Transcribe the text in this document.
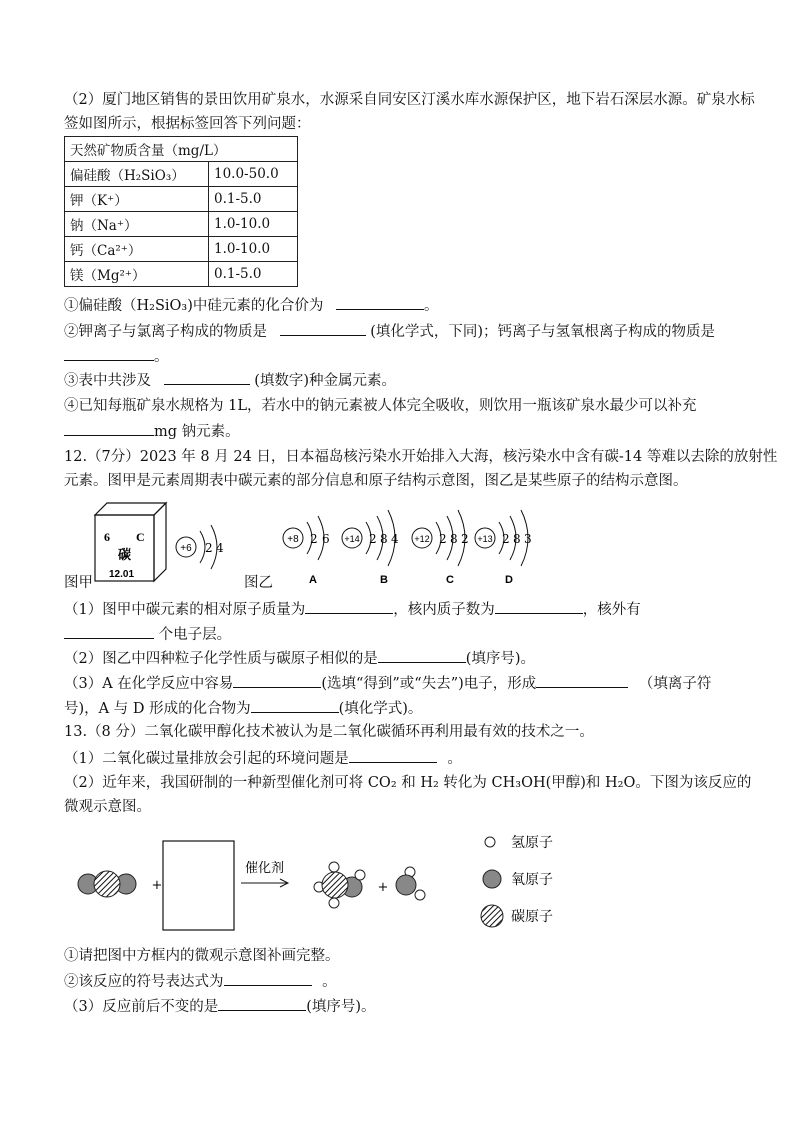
（2）厦门地区销售的景田饮用矿泉水，水源采自同安区汀溪水库水源保护区，地下岩石深层水源。矿泉水标
签如图所示，根据标签回答下列问题：
天然矿物质含量（mg/L）	
偏硅酸（H₂SiO₃）	10.0-50.0
钾（K⁺）	0.1-5.0
钠（Na⁺）	1.0-10.0
钙（Ca²⁺）	1.0-10.0
镁（Mg²⁺）	0.1-5.0
①偏硅酸（H₂SiO₃)中硅元素的化合价为	。
②钾离子与氯离子构成的物质是	(填化学式，下同)；钙离子与氢氧根离子构成的物质是
。
③表中共涉及	(填数字)种金属元素。
④已知每瓶矿泉水规格为 1L，若水中的钠元素被人体完全吸收，则饮用一瓶该矿泉水最少可以补充
mg 钠元素。
12.（7分）2023 年 8 月 24 日，日本福岛核污染水开始排入大海，核污染水中含有碳-14 等难以去除的放射性
元素。图甲是元素周期表中碳元素的部分信息和原子结构示意图，图乙是某些原子的结构示意图。
6 C
碳
12.01
+6 2 4
+8 2 6
A
+14 2 8 4
B
+12 2 8 2
C
+13 2 8 3
D
图甲	图乙
（1）图甲中碳元素的相对原子质量为	，核内质子数为	，核外有
个电子层。
（2）图乙中四种粒子化学性质与碳原子相似的是	(填序号)。
（3）A 在化学反应中容易	(选填“得到”或“失去”)电子，形成	（填离子符
号)，A 与 D 形成的化合物为	(填化学式)。
13.（8 分）二氧化碳甲醇化技术被认为是二氧化碳循环再利用最有效的技术之一。
（1）二氧化碳过量排放会引起的环境问题是	。
（2）近年来，我国研制的一种新型催化剂可将 CO₂ 和 H₂ 转化为 CH₃OH(甲醇)和 H₂O。下图为该反应的
微观示意图。
+
催化剂
+
氢原子
氧原子
碳原子
①请把图中方框内的微观示意图补画完整。
②该反应的符号表达式为	。
（3）反应前后不变的是	(填序号)。
